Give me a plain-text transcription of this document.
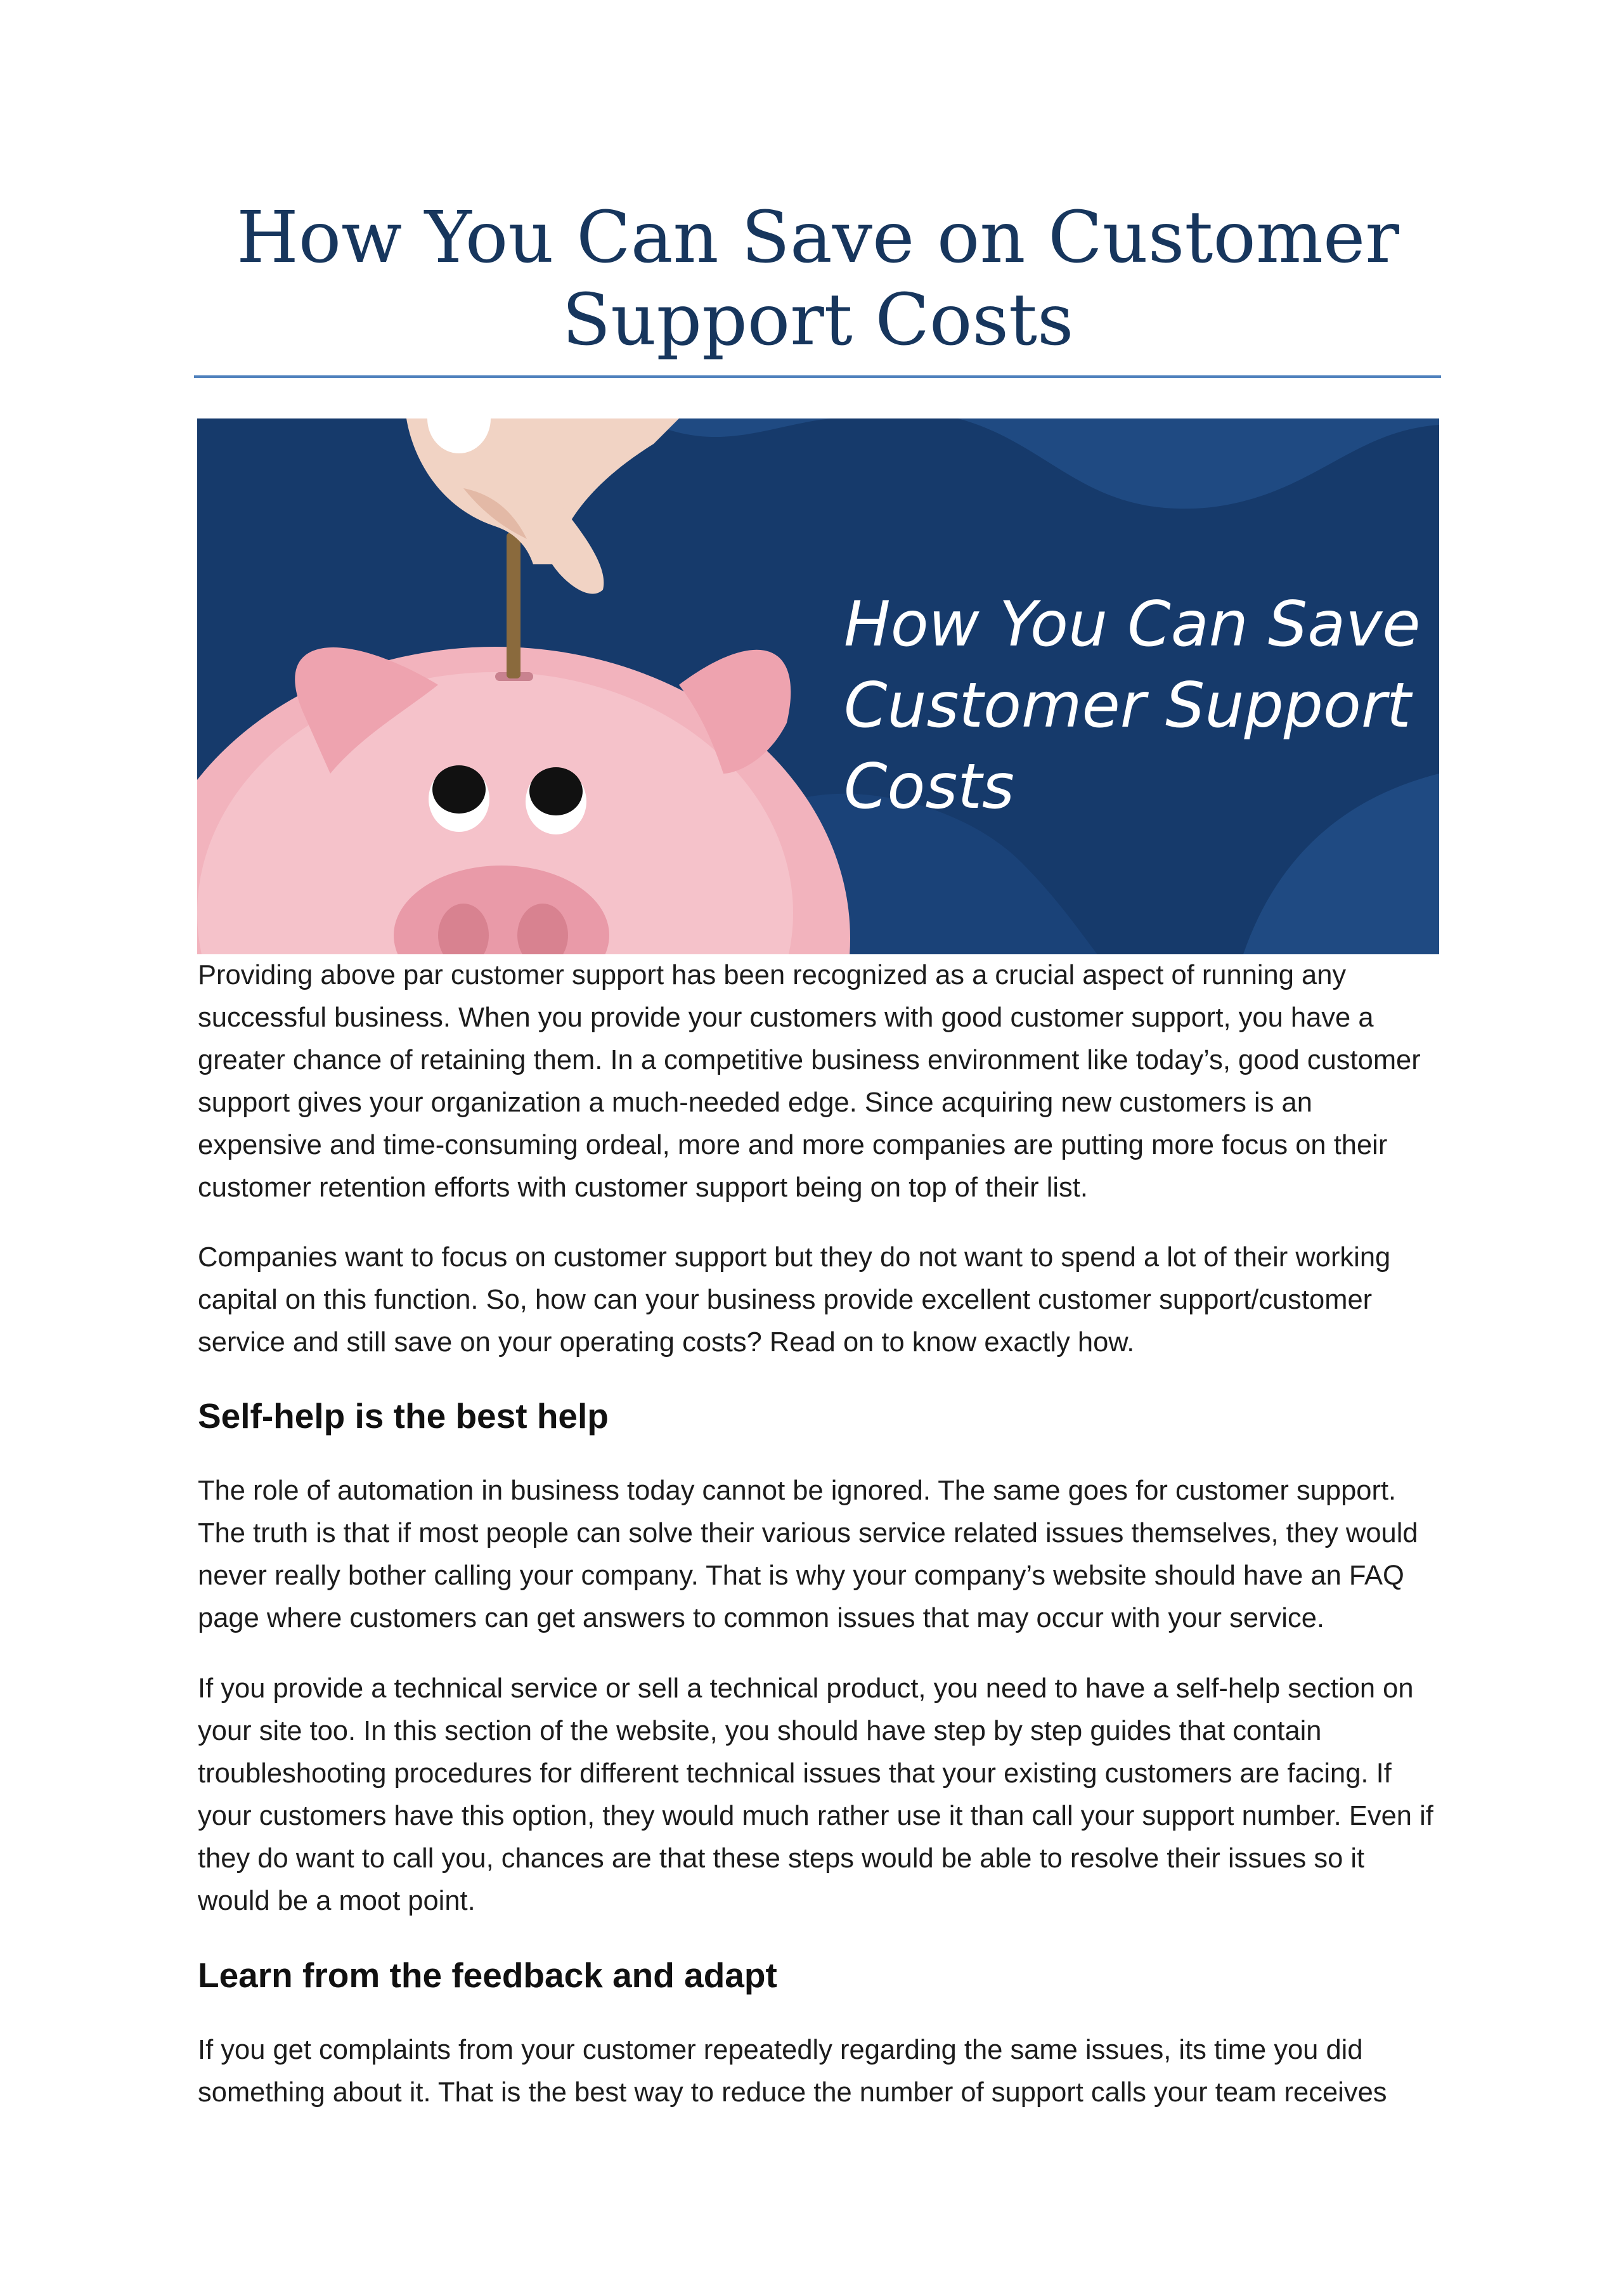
How You Can Save on Customer Support Costs
How You Can Save
Customer Support
Costs

Providing above par customer support has been recognized as a crucial aspect of running any successful business. When you provide your customers with good customer support, you have a greater chance of retaining them. In a competitive business environment like today’s, good customer support gives your organization a much-needed edge. Since acquiring new customers is an expensive and time-consuming ordeal, more and more companies are putting more focus on their customer retention efforts with customer support being on top of their list.

Companies want to focus on customer support but they do not want to spend a lot of their working capital on this function. So, how can your business provide excellent customer support/customer service and still save on your operating costs? Read on to know exactly how.

Self-help is the best help

The role of automation in business today cannot be ignored. The same goes for customer support. The truth is that if most people can solve their various service related issues themselves, they would never really bother calling your company. That is why your company’s website should have an FAQ page where customers can get answers to common issues that may occur with your service.

If you provide a technical service or sell a technical product, you need to have a self-help section on your site too. In this section of the website, you should have step by step guides that contain troubleshooting procedures for different technical issues that your existing customers are facing. If your customers have this option, they would much rather use it than call your support number. Even if they do want to call you, chances are that these steps would be able to resolve their issues so it would be a moot point.

Learn from the feedback and adapt

If you get complaints from your customer repeatedly regarding the same issues, its time you did something about it. That is the best way to reduce the number of support calls your team receives
